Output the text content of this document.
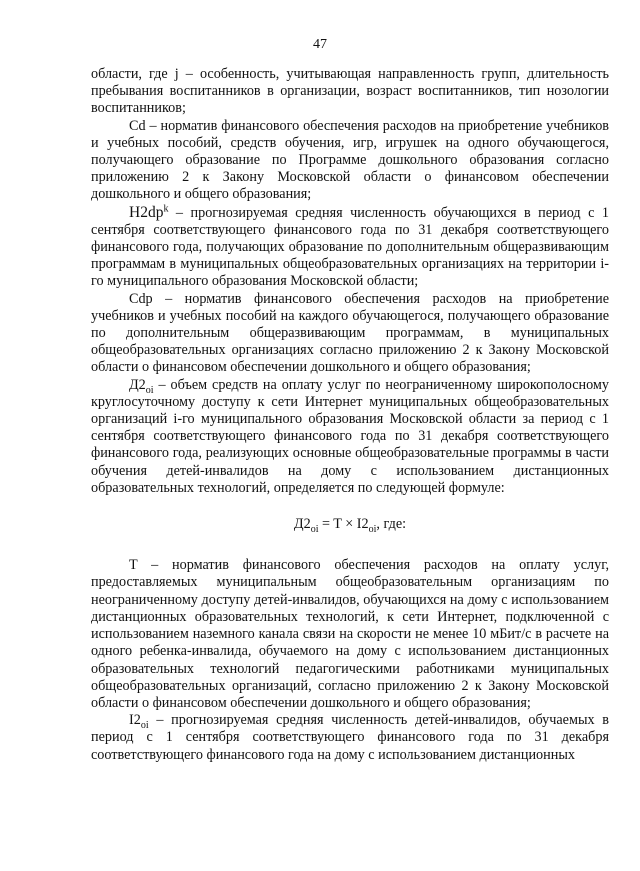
47

области, где j – особенность, учитывающая направленность групп, длительность пребывания воспитанников в организации, возраст воспитанников, тип нозологии воспитанников;

Cd – норматив финансового обеспечения расходов на приобретение учебников и учебных пособий, средств обучения, игр, игрушек на одного обучающегося, получающего образование по Программе дошкольного образования согласно приложению 2 к Закону Московской области о финансовом обеспечении дошкольного и общего образования;

$H2dp^k$ – прогнозируемая средняя численность обучающихся в период с 1 сентября соответствующего финансового года по 31 декабря соответствующего финансового года, получающих образование по дополнительным общеразвивающим программам в муниципальных общеобразовательных организациях на территории i-го муниципального образования Московской области;

Cdp – норматив финансового обеспечения расходов на приобретение учебников и учебных пособий на каждого обучающегося, получающего образование по дополнительным общеразвивающим программам, в муниципальных общеобразовательных организациях согласно приложению 2 к Закону Московской области о финансовом обеспечении дошкольного и общего образования;

$Д2_{oi}$ – объем средств на оплату услуг по неограниченному широкополосному круглосуточному доступу к сети Интернет муниципальных общеобразовательных организаций i-го муниципального образования Московской области за период с 1 сентября соответствующего финансового года по 31 декабря соответствующего финансового года, реализующих основные общеобразовательные программы в части обучения детей-инвалидов на дому с использованием дистанционных образовательных технологий, определяется по следующей формуле:

$Д2_{oi} = T \times I2_{oi}$, где:

T – норматив финансового обеспечения расходов на оплату услуг, предоставляемых муниципальным общеобразовательным организациям по неограниченному доступу детей-инвалидов, обучающихся на дому с использованием дистанционных образовательных технологий, к сети Интернет, подключенной с использованием наземного канала связи на скорости не менее 10 мБит/с в расчете на одного ребенка-инвалида, обучаемого на дому с использованием дистанционных образовательных технологий педагогическими работниками муниципальных общеобразовательных организаций, согласно приложению 2 к Закону Московской области о финансовом обеспечении дошкольного и общего образования;

$I2_{oi}$ – прогнозируемая средняя численность детей-инвалидов, обучаемых в период с 1 сентября соответствующего финансового года по 31 декабря соответствующего финансового года на дому с использованием дистанционных
